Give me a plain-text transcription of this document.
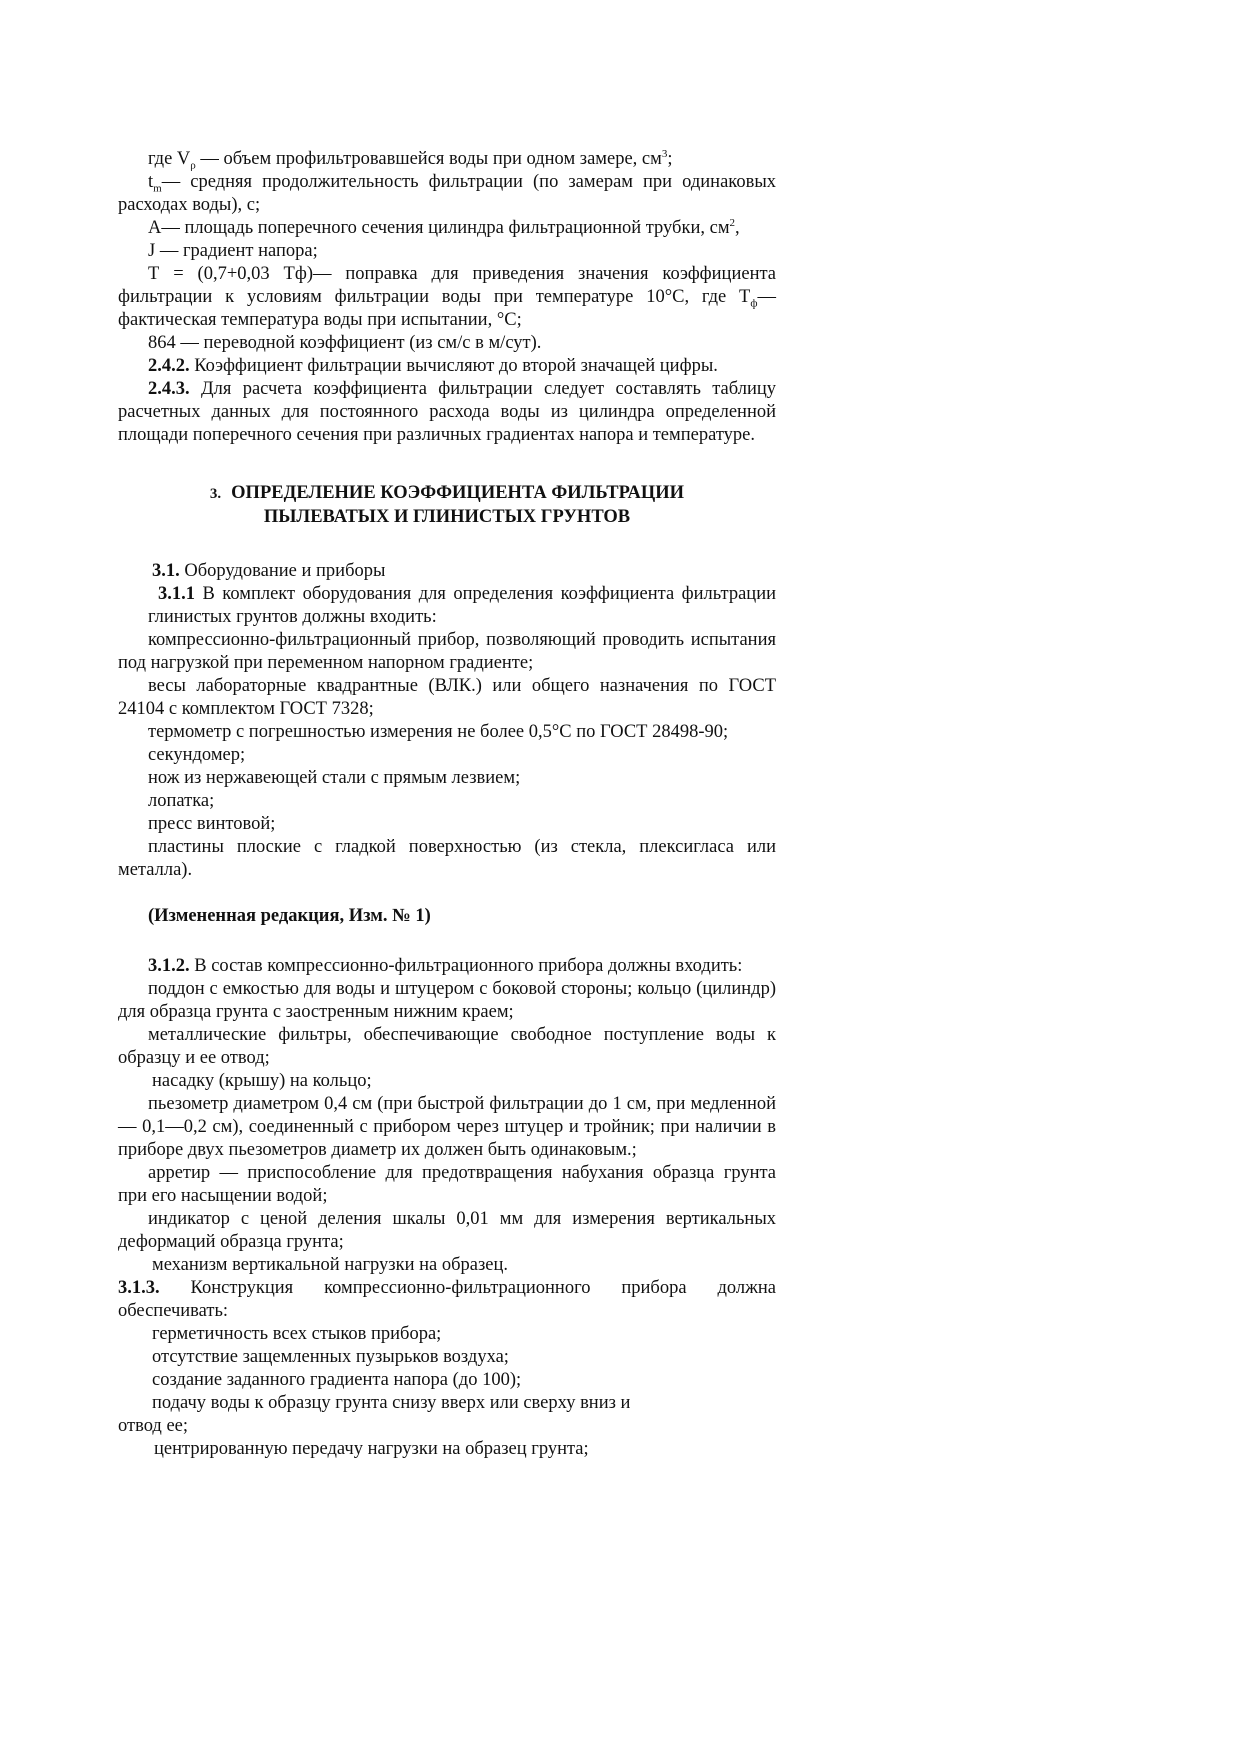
где $V_\rho$ — объем профильтровавшейся воды при одном замере, $см^3$;

$t_m—$ средняя продолжительность фильтрации (по замерам при одинаковых расходах воды), с;

А— площадь поперечного сечения цилиндра фильтрационной трубки, $см^2$,

J — градиент напора;

Т = (0,7+0,03 Тф)— поправка для приведения значения коэффициента фильтрации к условиям фильтрации воды при температуре 10°С, где $Т_ф—$ фактическая температура воды при испытании, °С;

864 — переводной коэффициент (из см/с в м/сут).

2.4.2. Коэффициент фильтрации вычисляют до второй значащей цифры.

2.4.3. Для расчета коэффициента фильтрации следует составлять таблицу расчетных данных для постоянного расхода воды из цилиндра определенной площади поперечного сечения при различных градиентах напора и температуре.

3. ОПРЕДЕЛЕНИЕ КОЭФФИЦИЕНТА ФИЛЬТРАЦИИ
ПЫЛЕВАТЫХ И ГЛИНИСТЫХ ГРУНТОВ

3.1. Оборудование и приборы

3.1.1 В комплект оборудования для определения коэффициента фильтрации глинистых грунтов должны входить:

компрессионно-фильтрационный прибор, позволяющий проводить испытания под нагрузкой при переменном напорном градиенте;

весы лабораторные квадрантные (ВЛК.) или общего назначения по ГОСТ 24104 с комплектом ГОСТ 7328;

термометр с погрешностью измерения не более 0,5°С по ГОСТ 28498-90;

секундомер;

нож из нержавеющей стали с прямым лезвием;

лопатка;

пресс винтовой;

пластины плоские с гладкой поверхностью (из стекла, плексигласа или металла).

(Измененная редакция, Изм. № 1)

3.1.2. В состав компрессионно-фильтрационного прибора должны входить:

поддон с емкостью для воды и штуцером с боковой стороны; кольцо (цилиндр) для образца грунта с заостренным нижним краем;

металлические фильтры, обеспечивающие свободное поступление воды к образцу и ее отвод;

насадку (крышу) на кольцо;

пьезометр диаметром 0,4 см (при быстрой фильтрации до 1 см, при медленной — 0,1—0,2 см), соединенный с прибором через штуцер и тройник; при наличии в приборе двух пьезометров диаметр их должен быть одинаковым.;

арретир — приспособление для предотвращения набухания образца грунта при его насыщении водой;

индикатор с ценой деления шкалы 0,01 мм для измерения вертикальных деформаций образца грунта;

механизм вертикальной нагрузки на образец.

3.1.3. Конструкция компрессионно-фильтрационного прибора должна обеспечивать:

герметичность всех стыков прибора;

отсутствие защемленных пузырьков воздуха;

создание заданного градиента напора (до 100);

подачу воды к образцу грунта снизу вверх или сверху вниз и

отвод ее;

центрированную передачу нагрузки на образец грунта;
